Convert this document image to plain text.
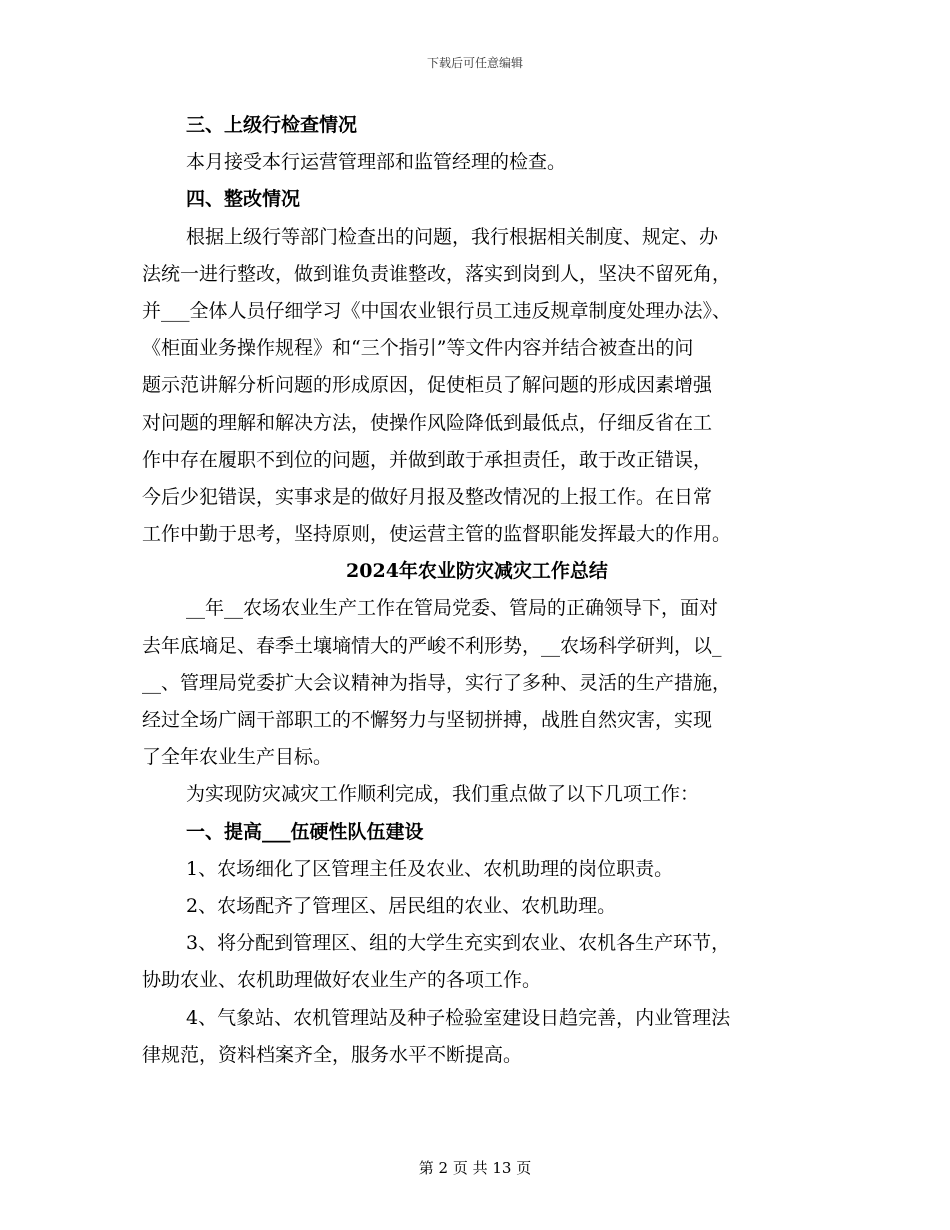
下载后可任意编辑
三、上级行检查情况
本月接受本行运营管理部和监管经理的检查。
四、整改情况
根据上级行等部门检查出的问题，我行根据相关制度、规定、办
法统一进行整改，做到谁负责谁整改，落实到岗到人，坚决不留死角，
并___全体人员仔细学习《中国农业银行员工违反规章制度处理办法》、
《柜面业务操作规程》和“三个指引”等文件内容并结合被查出的问
题示范讲解分析问题的形成原因，促使柜员了解问题的形成因素增强
对问题的理解和解决方法，使操作风险降低到最低点，仔细反省在工
作中存在履职不到位的问题，并做到敢于承担责任，敢于改正错误，
今后少犯错误，实事求是的做好月报及整改情况的上报工作。在日常
工作中勤于思考，坚持原则，使运营主管的监督职能发挥最大的作用。
2024年农业防灾减灾工作总结
__年__农场农业生产工作在管局党委、管局的正确领导下，面对
去年底墒足、春季土壤墒情大的严峻不利形势，__农场科学研判，以_
__、管理局党委扩大会议精神为指导，实行了多种、灵活的生产措施，
经过全场广阔干部职工的不懈努力与坚韧拼搏，战胜自然灾害，实现
了全年农业生产目标。
为实现防灾减灾工作顺利完成，我们重点做了以下几项工作：
一、提高___伍硬性队伍建设
1、农场细化了区管理主任及农业、农机助理的岗位职责。
2、农场配齐了管理区、居民组的农业、农机助理。
3、将分配到管理区、组的大学生充实到农业、农机各生产环节，
协助农业、农机助理做好农业生产的各项工作。
4、气象站、农机管理站及种子检验室建设日趋完善，内业管理法
律规范，资料档案齐全，服务水平不断提高。
第 2 页 共 13 页
